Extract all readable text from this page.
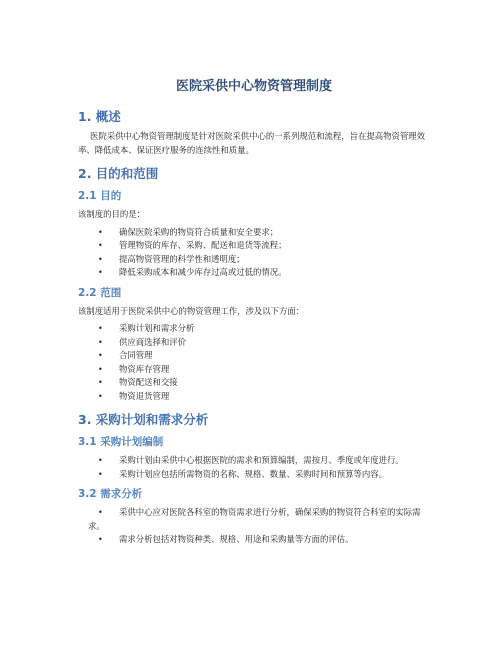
医院采供中心物资管理制度
1. 概述

医院采供中心物资管理制度是针对医院采供中心的一系列规范和流程，旨在提高物资管理效率、降低成本、保证医疗服务的连续性和质量。

2. 目的和范围
2.1 目的

该制度的目的是：

• 确保医院采购的物资符合质量和安全要求；
• 管理物资的库存、采购、配送和退货等流程；
• 提高物资管理的科学性和透明度；
• 降低采购成本和减少库存过高或过低的情况。
2.2 范围

该制度适用于医院采供中心的物资管理工作，涉及以下方面：

• 采购计划和需求分析
• 供应商选择和评价
• 合同管理
• 物资库存管理
• 物资配送和交接
• 物资退货管理
3. 采购计划和需求分析
3.1 采购计划编制
• 采购计划由采供中心根据医院的需求和预算编制，需按月、季度或年度进行。
• 采购计划应包括所需物资的名称、规格、数量、采购时间和预算等内容。
3.2 需求分析
• 采供中心应对医院各科室的物资需求进行分析，确保采购的物资符合科室的实际需求。
• 需求分析包括对物资种类、规格、用途和采购量等方面的评估。
